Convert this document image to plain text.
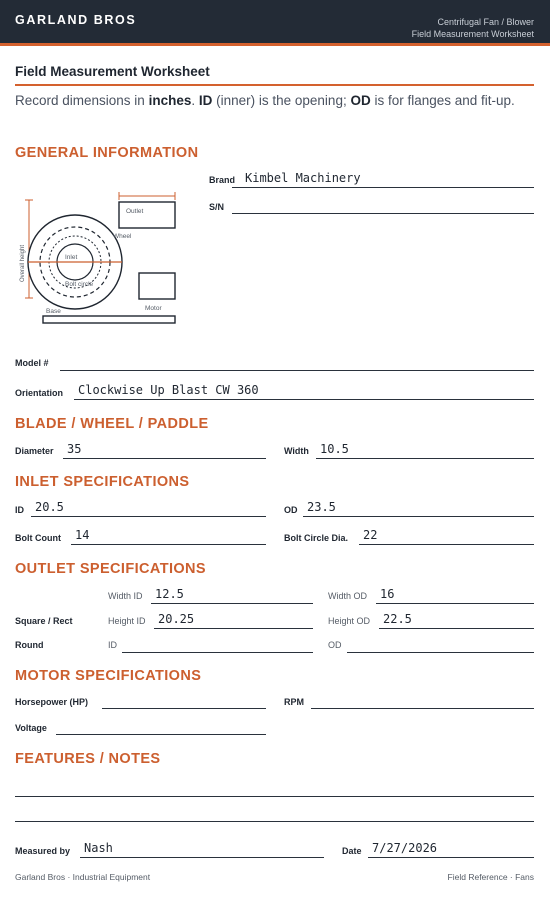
GARLAND BROS	Centrifugal Fan / Blower
Field Measurement Worksheet
Field Measurement Worksheet
Record dimensions in inches. ID (inner) is the opening; OD is for flanges and fit-up.
GENERAL INFORMATION
Overall height
Outlet
Wheel
Inlet
Bolt circle
Motor
Base
Brand Kimbel Machinery
S/N
Model #
Orientation Clockwise Up Blast CW 360
BLADE / WHEEL / PADDLE
Diameter 35	Width 10.5
INLET SPECIFICATIONS
ID 20.5	OD 23.5
Bolt Count 14	Bolt Circle Dia. 22
OUTLET SPECIFICATIONS
Width ID 12.5	Width OD 16
Square / Rect	Height ID 20.25	Height OD 22.5
Round	ID	OD
MOTOR SPECIFICATIONS
Horsepower (HP)	RPM
Voltage
FEATURES / NOTES
Measured by Nash	Date 7/27/2026
Garland Bros · Industrial Equipment	Field Reference · Fans
